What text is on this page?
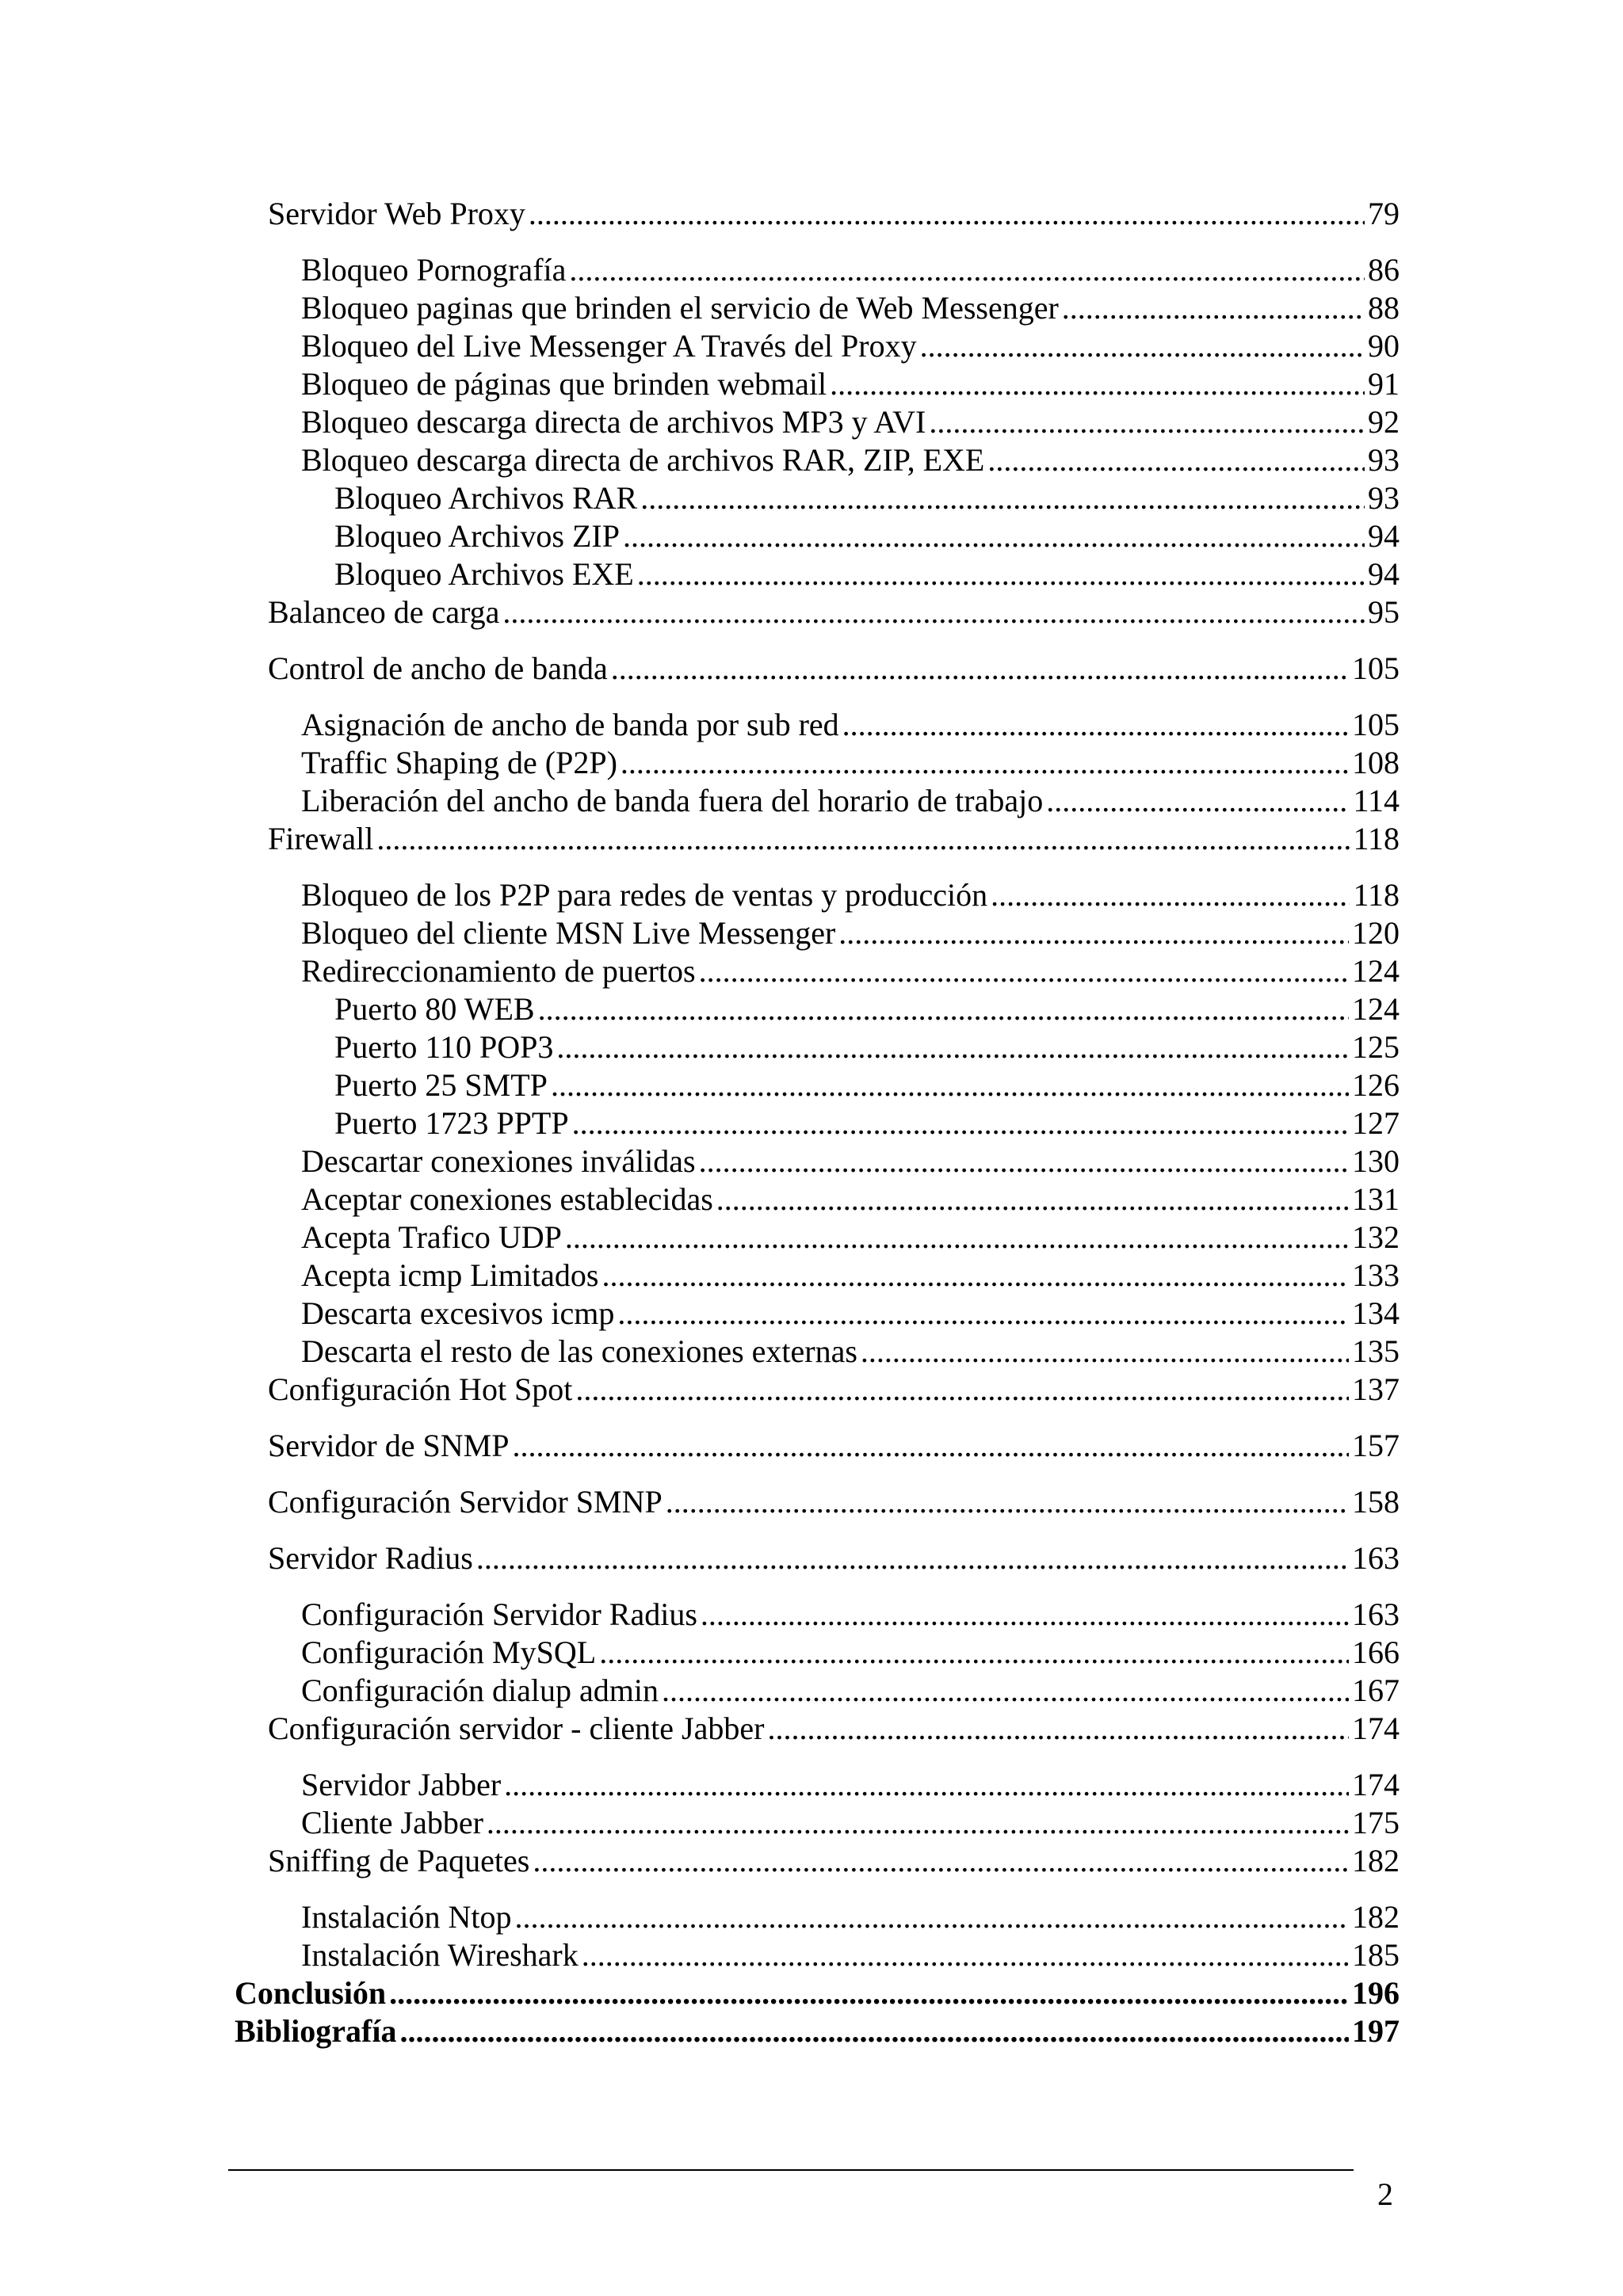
Servidor Web Proxy .....	79
Bloqueo Pornografía .....	86
Bloqueo paginas que brinden el servicio de Web Messenger .....	88
Bloqueo del Live Messenger A Través del Proxy .....	90
Bloqueo de páginas que brinden webmail .....	91
Bloqueo descarga directa de archivos MP3 y AVI .....	92
Bloqueo descarga directa de archivos RAR, ZIP, EXE .....	93
Bloqueo Archivos RAR .....	93
Bloqueo Archivos ZIP .....	94
Bloqueo Archivos EXE .....	94
Balanceo de carga .....	95
Control de ancho de banda .....	105
Asignación de ancho de banda por sub red .....	105
Traffic Shaping de (P2P) .....	108
Liberación del ancho de banda fuera del horario de trabajo .....	114
Firewall .....	118
Bloqueo de los P2P para redes de ventas y producción .....	118
Bloqueo del cliente MSN Live Messenger .....	120
Redireccionamiento de puertos .....	124
Puerto 80 WEB .....	124
Puerto 110 POP3 .....	125
Puerto 25 SMTP .....	126
Puerto 1723 PPTP .....	127
Descartar conexiones inválidas .....	130
Aceptar conexiones establecidas .....	131
Acepta Trafico UDP .....	132
Acepta icmp Limitados .....	133
Descarta excesivos icmp .....	134
Descarta el resto de las conexiones externas .....	135
Configuración Hot Spot .....	137
Servidor de SNMP .....	157
Configuración Servidor SMNP .....	158
Servidor Radius .....	163
Configuración Servidor Radius .....	163
Configuración MySQL .....	166
Configuración dialup admin .....	167
Configuración servidor - cliente Jabber .....	174
Servidor Jabber .....	174
Cliente Jabber .....	175
Sniffing de Paquetes .....	182
Instalación Ntop .....	182
Instalación Wireshark .....	185
Conclusión .....	196
Bibliografía .....	197
2
